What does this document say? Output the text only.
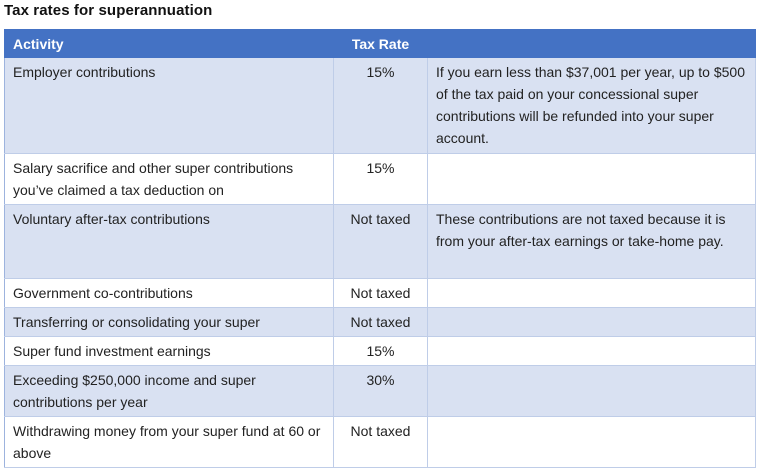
Tax rates for superannuation
Activity	Tax Rate	
Employer contributions	15%	If you earn less than $37,001 per year, up to $500 of the tax paid on your concessional super contributions will be refunded into your super account.
Salary sacrifice and other super contributions you’ve claimed a tax deduction on	15%	
Voluntary after-tax contributions	Not taxed	These contributions are not taxed because it is from your after-tax earnings or take-home pay.
Government co-contributions	Not taxed	
Transferring or consolidating your super	Not taxed	
Super fund investment earnings	15%	
Exceeding $250,000 income and super contributions per year	30%	
Withdrawing money from your super fund at 60 or above	Not taxed	
